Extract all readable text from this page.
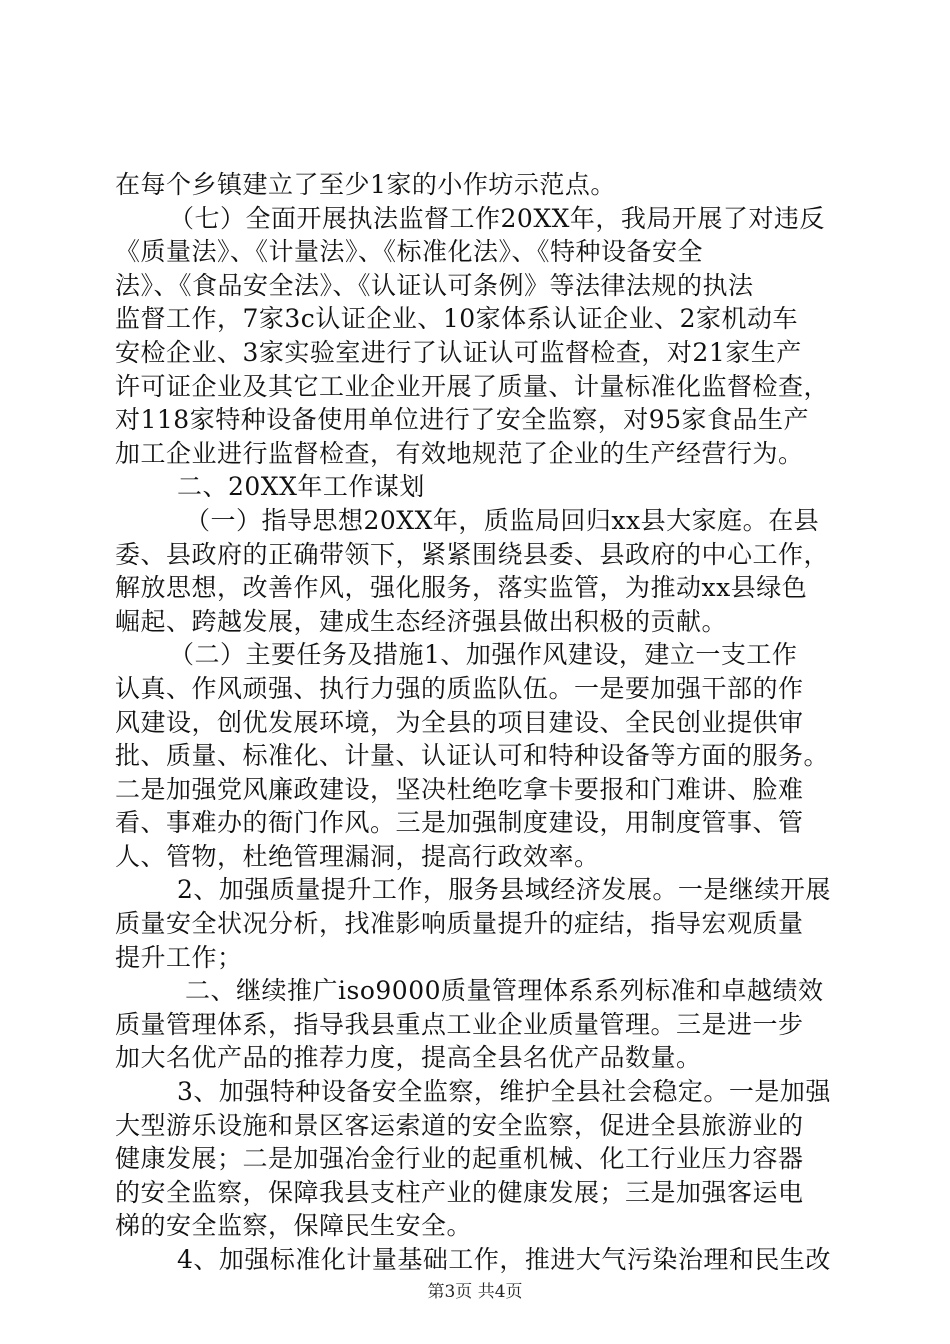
在每个乡镇建立了至少1家的小作坊示范点。
（七）全面开展执法监督工作20XX年，我局开展了对违反
《质量法》、《计量法》、《标准化法》、《特种设备安全
法》、《食品安全法》、《认证认可条例》等法律法规的执法
监督工作，7家3c认证企业、10家体系认证企业、2家机动车
安检企业、3家实验室进行了认证认可监督检查，对21家生产
许可证企业及其它工业企业开展了质量、计量标准化监督检查，
对118家特种设备使用单位进行了安全监察，对95家食品生产
加工企业进行监督检查，有效地规范了企业的生产经营行为。
二、20XX年工作谋划
（一）指导思想20XX年，质监局回归xx县大家庭。在县
委、县政府的正确带领下，紧紧围绕县委、县政府的中心工作，
解放思想，改善作风，强化服务，落实监管，为推动xx县绿色
崛起、跨越发展，建成生态经济强县做出积极的贡献。
（二）主要任务及措施1、加强作风建设，建立一支工作
认真、作风顽强、执行力强的质监队伍。一是要加强干部的作
风建设，创优发展环境，为全县的项目建设、全民创业提供审
批、质量、标准化、计量、认证认可和特种设备等方面的服务。
二是加强党风廉政建设，坚决杜绝吃拿卡要报和门难讲、脸难
看、事难办的衙门作风。三是加强制度建设，用制度管事、管
人、管物，杜绝管理漏洞，提高行政效率。
2、加强质量提升工作，服务县域经济发展。一是继续开展
质量安全状况分析，找准影响质量提升的症结，指导宏观质量
提升工作；
二、继续推广iso9000质量管理体系系列标准和卓越绩效
质量管理体系，指导我县重点工业企业质量管理。三是进一步
加大名优产品的推荐力度，提高全县名优产品数量。
3、加强特种设备安全监察，维护全县社会稳定。一是加强
大型游乐设施和景区客运索道的安全监察，促进全县旅游业的
健康发展；二是加强冶金行业的起重机械、化工行业压力容器
的安全监察，保障我县支柱产业的健康发展；三是加强客运电
梯的安全监察，保障民生安全。
4、加强标准化计量基础工作，推进大气污染治理和民生改
第3页 共4页
